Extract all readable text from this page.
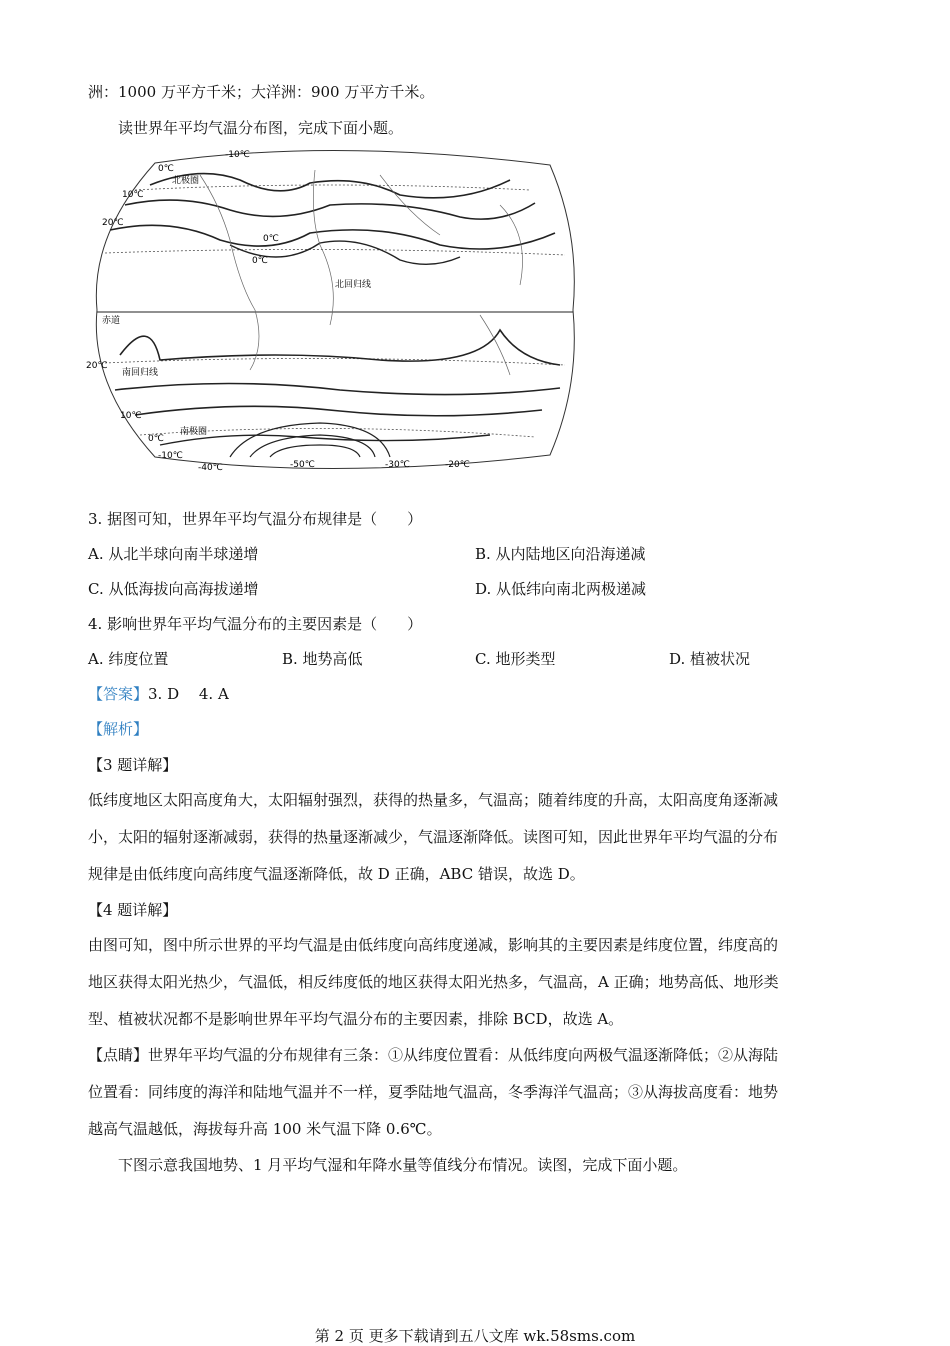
洲：1000 万平方千米；大洋洲：900 万平方千米。
读世界年平均气温分布图，完成下面小题。
-10℃
0℃
10℃
20℃
0℃
0℃
20℃
10℃
0℃
-10℃
-40℃	-50℃	-30℃	-20℃
北极圈
北回归线
赤道
南回归线
南极圈
3. 据图可知，世界年平均气温分布规律是（　　）
A. 从北半球向南半球递增	B. 从内陆地区向沿海递减
C. 从低海拔向高海拔递增	D. 从低纬向南北两极递减
4. 影响世界年平均气温分布的主要因素是（　　）
A. 纬度位置	B. 地势高低	C. 地形类型	D. 植被状况
【答案】3. D　 4. A
【解析】
【3 题详解】
低纬度地区太阳高度角大，太阳辐射强烈，获得的热量多，气温高；随着纬度的升高，太阳高度角逐渐减
小，太阳的辐射逐渐减弱，获得的热量逐渐减少，气温逐渐降低。读图可知，因此世界年平均气温的分布
规律是由低纬度向高纬度气温逐渐降低，故 D 正确，ABC 错误，故选 D。
【4 题详解】
由图可知，图中所示世界的平均气温是由低纬度向高纬度递减，影响其的主要因素是纬度位置，纬度高的
地区获得太阳光热少，气温低，相反纬度低的地区获得太阳光热多，气温高，A 正确；地势高低、地形类
型、植被状况都不是影响世界年平均气温分布的主要因素，排除 BCD，故选 A。
【点睛】世界年平均气温的分布规律有三条：①从纬度位置看：从低纬度向两极气温逐渐降低；②从海陆
位置看：同纬度的海洋和陆地气温并不一样，夏季陆地气温高，冬季海洋气温高；③从海拔高度看：地势
越高气温越低，海拔每升高 100 米气温下降 0.6℃。
下图示意我国地势、1 月平均气湿和年降水量等值线分布情况。读图，完成下面小题。
第 2 页 更多下载请到五八文库 wk.58sms.com
